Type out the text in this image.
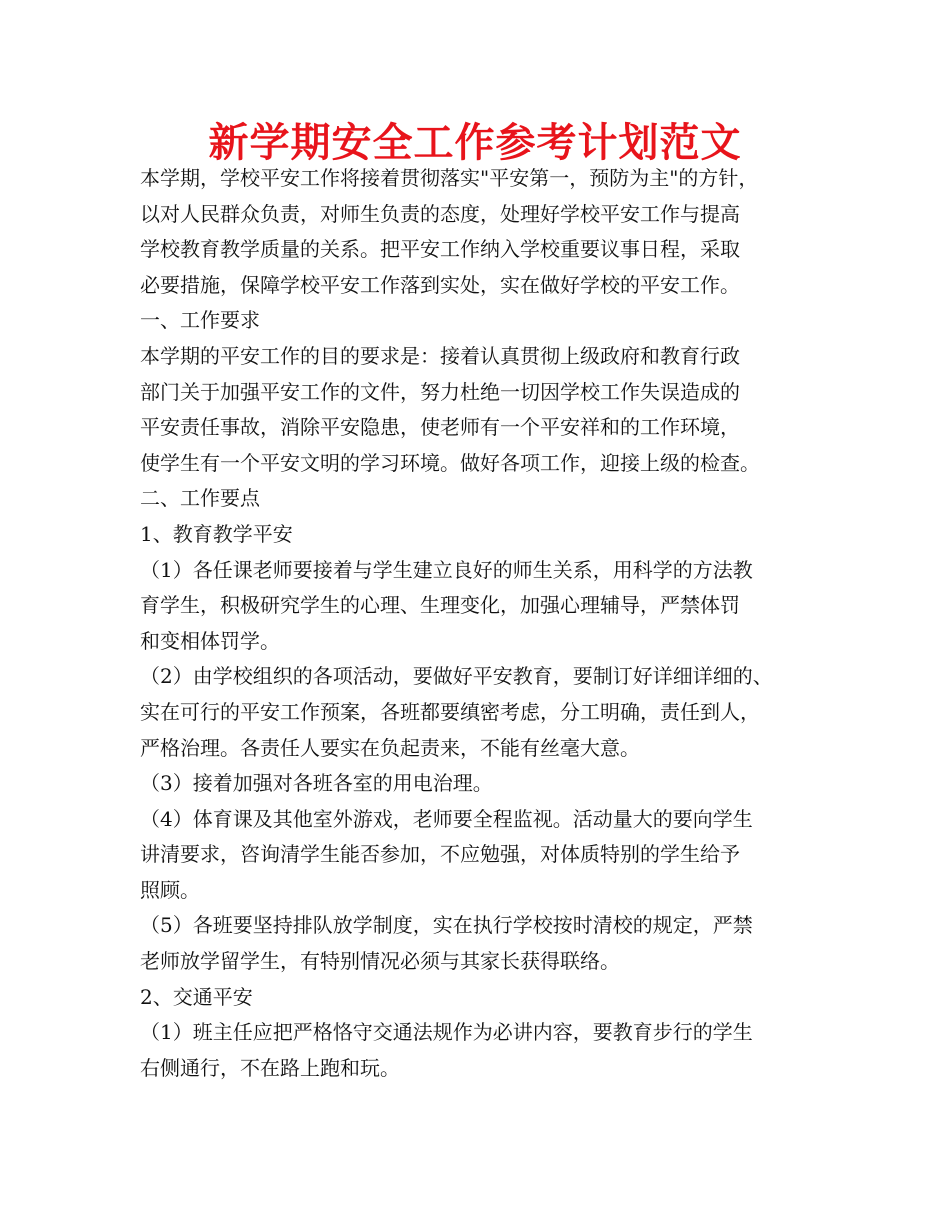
新学期安全工作参考计划范文
本学期，学校平安工作将接着贯彻落实"平安第一，预防为主"的方针，
以对人民群众负责，对师生负责的态度，处理好学校平安工作与提高
学校教育教学质量的关系。把平安工作纳入学校重要议事日程，采取
必要措施，保障学校平安工作落到实处，实在做好学校的平安工作。
一、工作要求
本学期的平安工作的目的要求是：接着认真贯彻上级政府和教育行政
部门关于加强平安工作的文件，努力杜绝一切因学校工作失误造成的
平安责任事故，消除平安隐患，使老师有一个平安祥和的工作环境，
使学生有一个平安文明的学习环境。做好各项工作，迎接上级的检查。
二、工作要点
1、教育教学平安
（1）各任课老师要接着与学生建立良好的师生关系，用科学的方法教
育学生，积极研究学生的心理、生理变化，加强心理辅导，严禁体罚
和变相体罚学。
（2）由学校组织的各项活动，要做好平安教育，要制订好详细详细的、
实在可行的平安工作预案，各班都要缜密考虑，分工明确，责任到人，
严格治理。各责任人要实在负起责来，不能有丝毫大意。
（3）接着加强对各班各室的用电治理。
（4）体育课及其他室外游戏，老师要全程监视。活动量大的要向学生
讲清要求，咨询清学生能否参加，不应勉强，对体质特别的学生给予
照顾。
（5）各班要坚持排队放学制度，实在执行学校按时清校的规定，严禁
老师放学留学生，有特别情况必须与其家长获得联络。
2、交通平安
（1）班主任应把严格恪守交通法规作为必讲内容，要教育步行的学生
右侧通行，不在路上跑和玩。
